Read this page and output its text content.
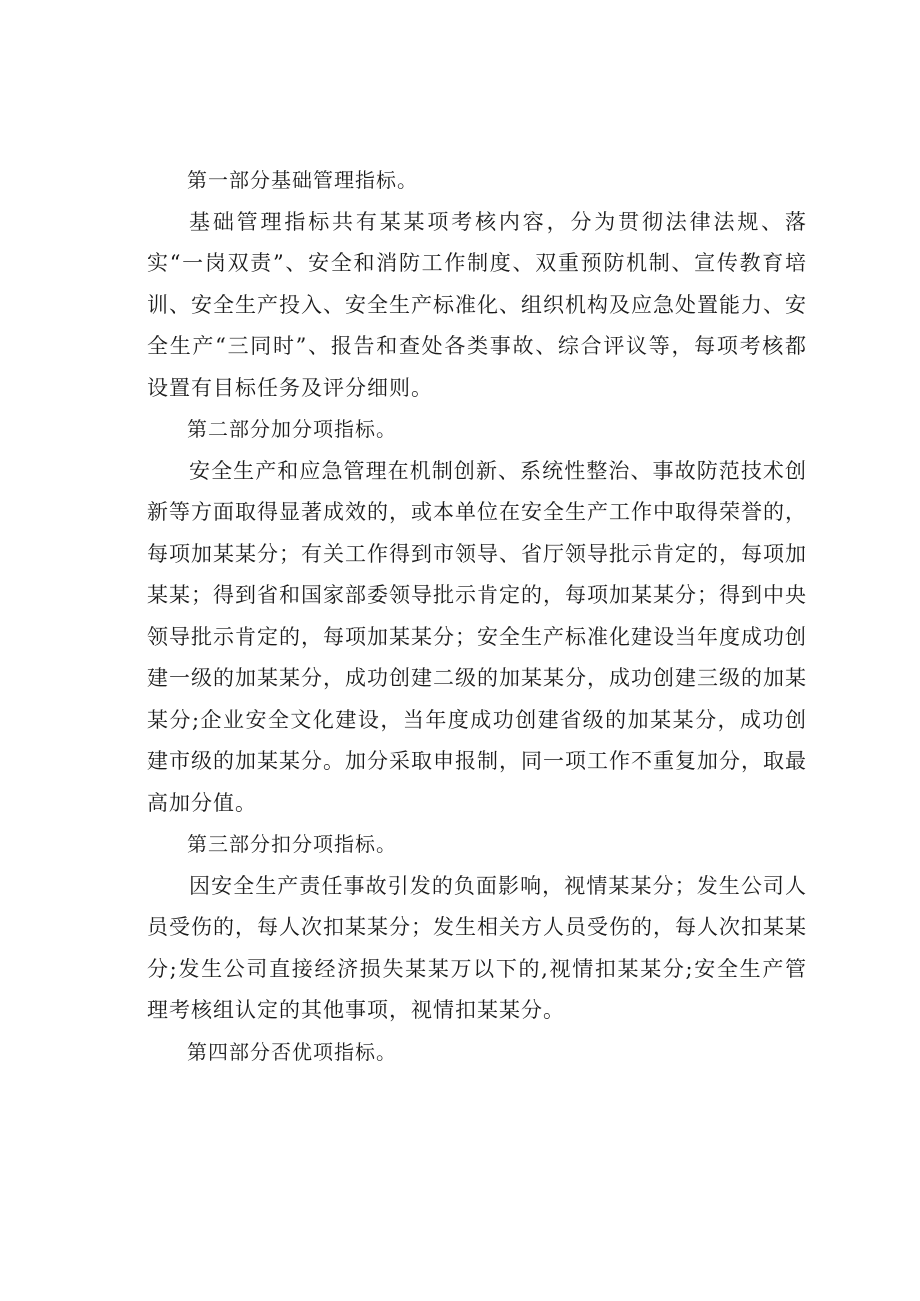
第一部分基础管理指标。

基础管理指标共有某某项考核内容，分为贯彻法律法规、落实“一岗双责”、安全和消防工作制度、双重预防机制、宣传教育培训、安全生产投入、安全生产标准化、组织机构及应急处置能力、安全生产“三同时”、报告和查处各类事故、综合评议等，每项考核都设置有目标任务及评分细则。

第二部分加分项指标。

安全生产和应急管理在机制创新、系统性整治、事故防范技术创新等方面取得显著成效的，或本单位在安全生产工作中取得荣誉的，每项加某某分；有关工作得到市领导、省厅领导批示肯定的，每项加某某；得到省和国家部委领导批示肯定的，每项加某某分；得到中央领导批示肯定的，每项加某某分；安全生产标准化建设当年度成功创建一级的加某某分，成功创建二级的加某某分，成功创建三级的加某某分;企业安全文化建设，当年度成功创建省级的加某某分，成功创建市级的加某某分。加分采取申报制，同一项工作不重复加分，取最高加分值。

第三部分扣分项指标。

因安全生产责任事故引发的负面影响，视情某某分；发生公司人员受伤的，每人次扣某某分；发生相关方人员受伤的，每人次扣某某分;发生公司直接经济损失某某万以下的,视情扣某某分;安全生产管理考核组认定的其他事项，视情扣某某分。

第四部分否优项指标。
